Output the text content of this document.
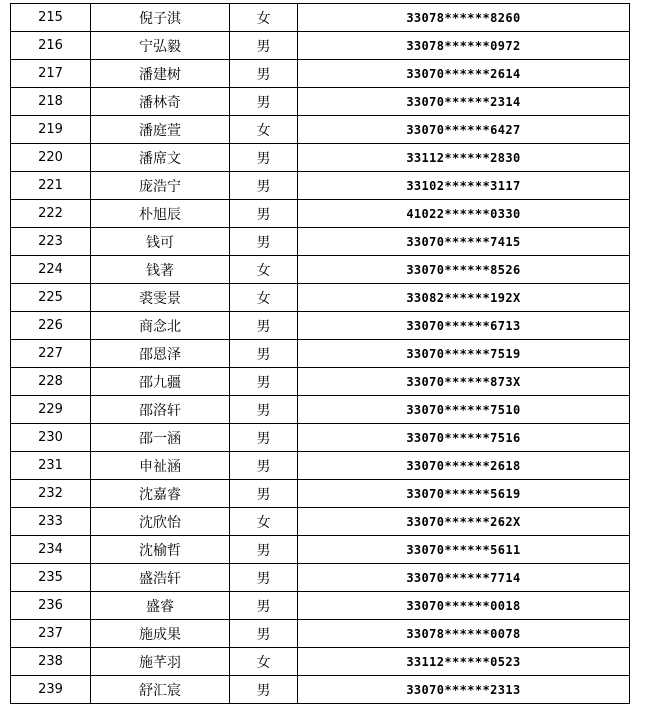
215	倪子淇	女	33078******8260
216	宁弘毅	男	33078******0972
217	潘建树	男	33070******2614
218	潘林奇	男	33070******2314
219	潘庭萱	女	33070******6427
220	潘席文	男	33112******2830
221	庞浩宁	男	33102******3117
222	朴旭辰	男	41022******0330
223	钱可	男	33070******7415
224	钱著	女	33070******8526
225	裘雯景	女	33082******192X
226	商念北	男	33070******6713
227	邵恩泽	男	33070******7519
228	邵九疆	男	33070******873X
229	邵洛轩	男	33070******7510
230	邵一涵	男	33070******7516
231	申祉涵	男	33070******2618
232	沈嘉睿	男	33070******5619
233	沈欣怡	女	33070******262X
234	沈榆哲	男	33070******5611
235	盛浩轩	男	33070******7714
236	盛睿	男	33070******0018
237	施成果	男	33078******0078
238	施芊羽	女	33112******0523
239	舒汇宸	男	33070******2313
